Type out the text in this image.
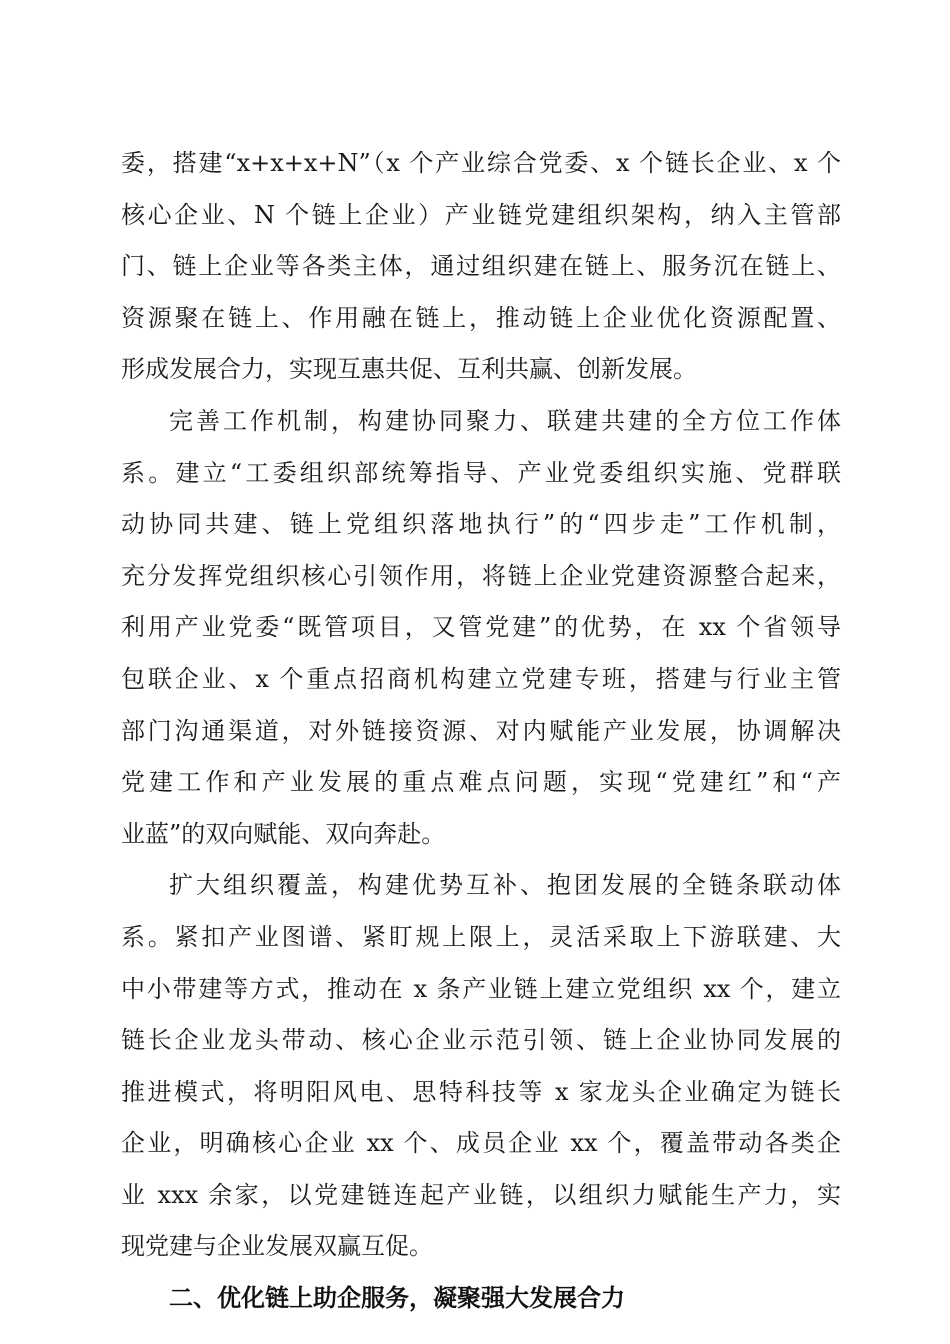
委，搭建“x+x+x+N”（x 个产业综合党委、x 个链长企业、x 个
核心企业、N 个链上企业）产业链党建组织架构，纳入主管部
门、链上企业等各类主体，通过组织建在链上、服务沉在链上、
资源聚在链上、作用融在链上，推动链上企业优化资源配置、
形成发展合力，实现互惠共促、互利共赢、创新发展。
完善工作机制，构建协同聚力、联建共建的全方位工作体
系。建立“工委组织部统筹指导、产业党委组织实施、党群联
动协同共建、链上党组织落地执行”的“四步走”工作机制，
充分发挥党组织核心引领作用，将链上企业党建资源整合起来，
利用产业党委“既管项目，又管党建”的优势，在 xx 个省领导
包联企业、x 个重点招商机构建立党建专班，搭建与行业主管
部门沟通渠道，对外链接资源、对内赋能产业发展，协调解决
党建工作和产业发展的重点难点问题，实现“党建红”和“产
业蓝”的双向赋能、双向奔赴。
扩大组织覆盖，构建优势互补、抱团发展的全链条联动体
系。紧扣产业图谱、紧盯规上限上，灵活采取上下游联建、大
中小带建等方式，推动在 x 条产业链上建立党组织 xx 个，建立
链长企业龙头带动、核心企业示范引领、链上企业协同发展的
推进模式，将明阳风电、思特科技等 x 家龙头企业确定为链长
企业，明确核心企业 xx 个、成员企业 xx 个，覆盖带动各类企
业 xxx 余家，以党建链连起产业链，以组织力赋能生产力，实
现党建与企业发展双赢互促。
二、优化链上助企服务，凝聚强大发展合力
